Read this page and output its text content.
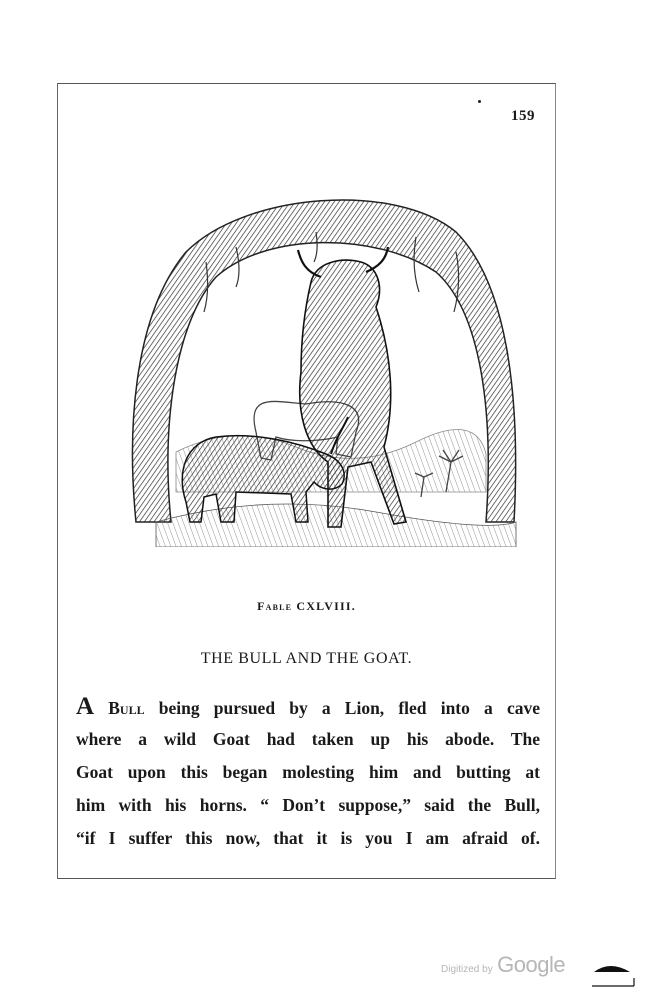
159
Fable CXLVIII.
THE BULL AND THE GOAT.
A Bull being pursued by a Lion, fled into a cave
where a wild Goat had taken up his abode. The
Goat upon this began molesting him and butting at
him with his horns. “ Don’t suppose,” said the Bull,
“if I suffer this now, that it is you I am afraid of.
Digitized by Google
